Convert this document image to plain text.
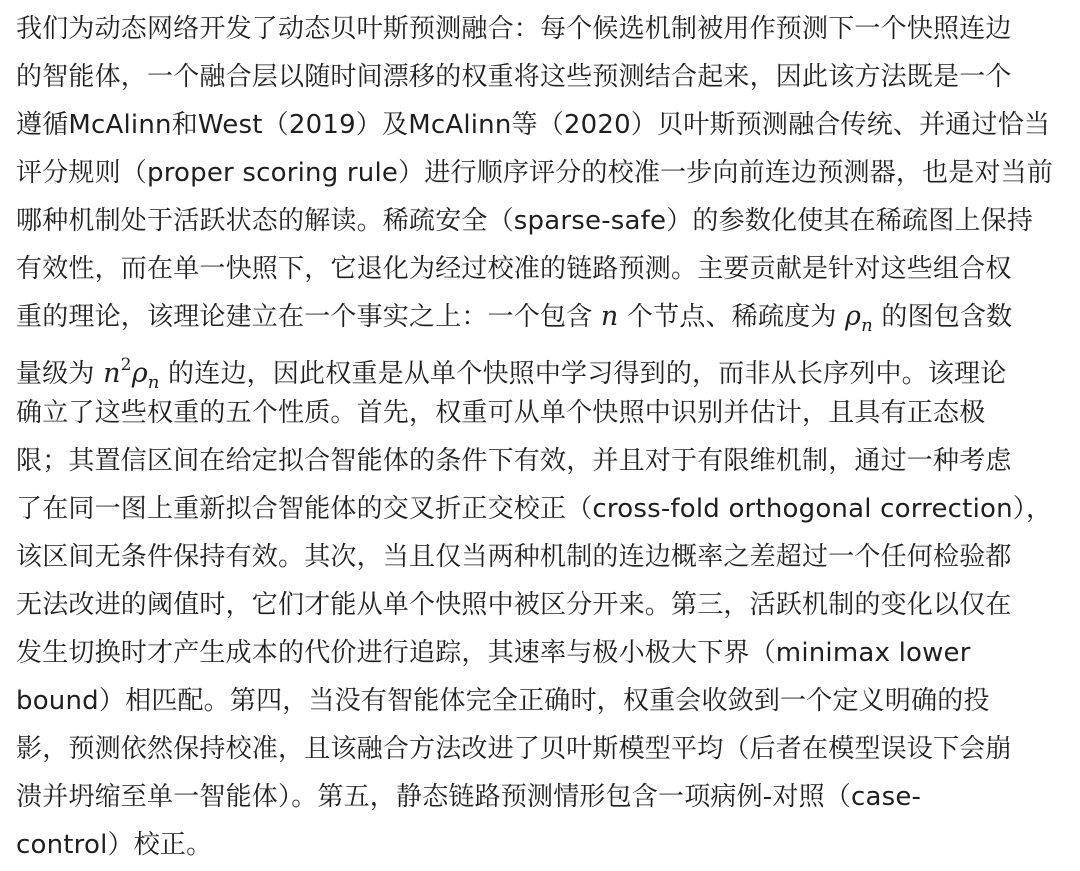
我们为动态网络开发了动态贝叶斯预测融合：每个候选机制被用作预测下一个快照连边
的智能体，一个融合层以随时间漂移的权重将这些预测结合起来，因此该方法既是一个
遵循McAlinn和West（2019）及McAlinn等（2020）贝叶斯预测融合传统、并通过恰当
评分规则（proper scoring rule）进行顺序评分的校准一步向前连边预测器，也是对当前
哪种机制处于活跃状态的解读。稀疏安全（sparse-safe）的参数化使其在稀疏图上保持
有效性，而在单一快照下，它退化为经过校准的链路预测。主要贡献是针对这些组合权
重的理论，该理论建立在一个事实之上：一个包含 n 个节点、稀疏度为 $\rho_n$ 的图包含数
量级为 $n^2\rho_n$ 的连边，因此权重是从单个快照中学习得到的，而非从长序列中。该理论
确立了这些权重的五个性质。首先，权重可从单个快照中识别并估计，且具有正态极
限；其置信区间在给定拟合智能体的条件下有效，并且对于有限维机制，通过一种考虑
了在同一图上重新拟合智能体的交叉折正交校正（cross-fold orthogonal correction），
该区间无条件保持有效。其次，当且仅当两种机制的连边概率之差超过一个任何检验都
无法改进的阈值时，它们才能从单个快照中被区分开来。第三，活跃机制的变化以仅在
发生切换时才产生成本的代价进行追踪，其速率与极小极大下界（minimax lower
bound）相匹配。第四，当没有智能体完全正确时，权重会收敛到一个定义明确的投
影，预测依然保持校准，且该融合方法改进了贝叶斯模型平均（后者在模型误设下会崩
溃并坍缩至单一智能体）。第五，静态链路预测情形包含一项病例-对照（case-
control）校正。
